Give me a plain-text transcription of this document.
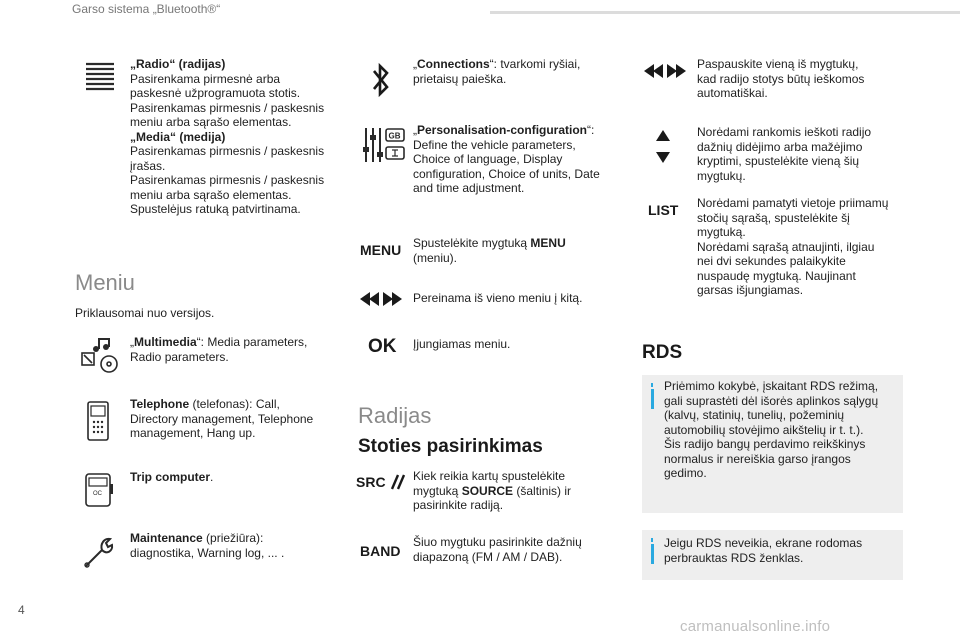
Garso sistema „Bluetooth®“
„Radio“ (radijas)
Pasirenkama pirmesnė arba
paskesnė užprogramuota stotis.
Pasirenkamas pirmesnis / paskesnis
meniu arba sąrašo elementas.
„Media“ (medija)
Pasirenkamas pirmesnis / paskesnis
įrašas.
Pasirenkamas pirmesnis / paskesnis
meniu arba sąrašo elementas.
Spustelėjus ratuką patvirtinama.
Meniu
Priklausomai nuo versijos.
„Multimedia“: Media parameters,
Radio parameters.
Telephone (telefonas): Call,
Directory management, Telephone
management, Hang up.
OC
Trip computer.
Maintenance (priežiūra):
diagnostika, Warning log, ... .
„Connections“: tvarkomi ryšiai,
prietaisų paieška.
GB „Personalisation-configuration“:
Define the vehicle parameters,
Choice of language, Display
configuration, Choice of units, Date
and time adjustment.
MENU Spustelėkite mygtuką MENU
(meniu).
Pereinama iš vieno meniu į kitą.
OK Įjungiamas meniu.
Radijas
Stoties pasirinkimas
SRC Kiek reikia kartų spustelėkite
mygtuką SOURCE (šaltinis) ir
pasirinkite radiją.
BAND
Šiuo mygtuku pasirinkite dažnių
diapazoną (FM / AM / DAB).
Paspauskite vieną iš mygtukų,
kad radijo stotys būtų ieškomos
automatiškai.
Norėdami rankomis ieškoti radijo
dažnių didėjimo arba mažėjimo
kryptimi, spustelėkite vieną šių
mygtukų.
LIST Norėdami pamatyti vietoje priimamų
stočių sąrašą, spustelėkite šį
mygtuką.
Norėdami sąrašą atnaujinti, ilgiau
nei dvi sekundes palaikykite
nuspaudę mygtuką. Naujinant
garsas išjungiamas.
RDS
Priėmimo kokybė, įskaitant RDS režimą,
gali suprastėti dėl išorės aplinkos sąlygų
(kalvų, statinių, tunelių, požeminių
automobilių stovėjimo aikštelių ir t. t.).
Šis radijo bangų perdavimo reikškinys
normalus ir nereiškia garso įrangos
gedimo.
Jeigu RDS neveikia, ekrane rodomas
perbrauktas RDS ženklas.
4
carmanualsonline.info
